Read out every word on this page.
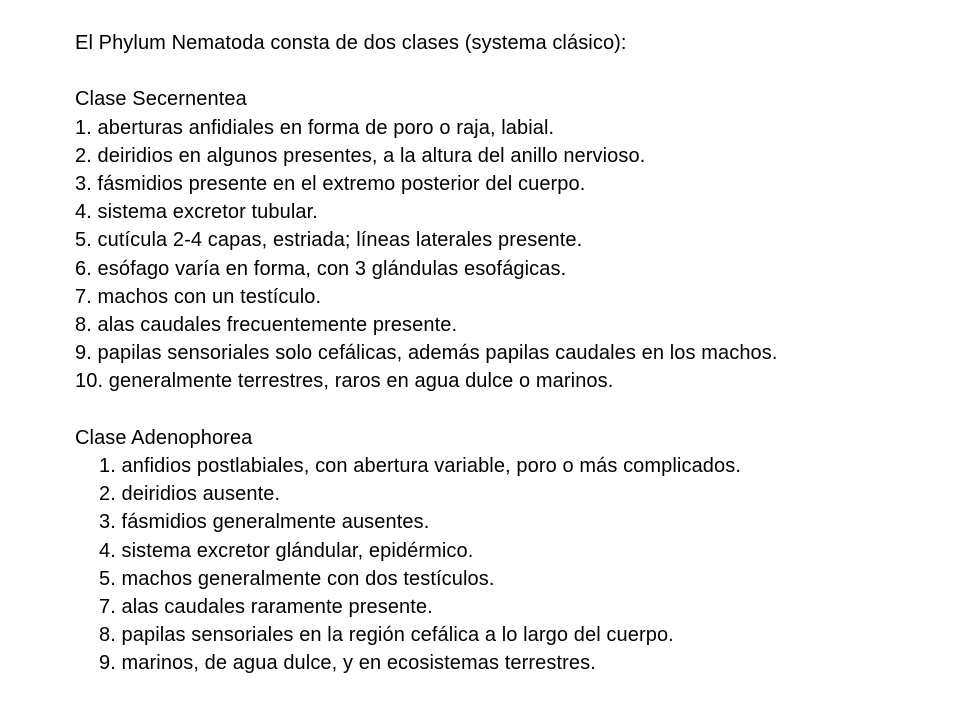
El Phylum Nematoda consta de dos clases (systema clásico):

Clase Secernentea

1. aberturas anfidiales en forma de poro o raja, labial.

2. deiridios en algunos presentes, a la altura del anillo nervioso.

3. fásmidios presente en el extremo posterior del cuerpo.

4. sistema excretor tubular.

5. cutícula 2-4 capas, estriada; líneas laterales presente.

6. esófago varía en forma, con 3 glándulas esofágicas.

7. machos con un testículo.

8. alas caudales frecuentemente presente.

9. papilas sensoriales solo cefálicas, además papilas caudales en los machos.

10. generalmente terrestres, raros en agua dulce o marinos.

Clase Adenophorea

1. anfidios postlabiales, con abertura variable, poro o más complicados.

2. deiridios ausente.

3. fásmidios generalmente ausentes.

4. sistema excretor glándular, epidérmico.

5. machos generalmente con dos testículos.

7. alas caudales raramente presente.

8. papilas sensoriales en la región cefálica a lo largo del cuerpo.

9. marinos, de agua dulce, y en ecosistemas terrestres.
